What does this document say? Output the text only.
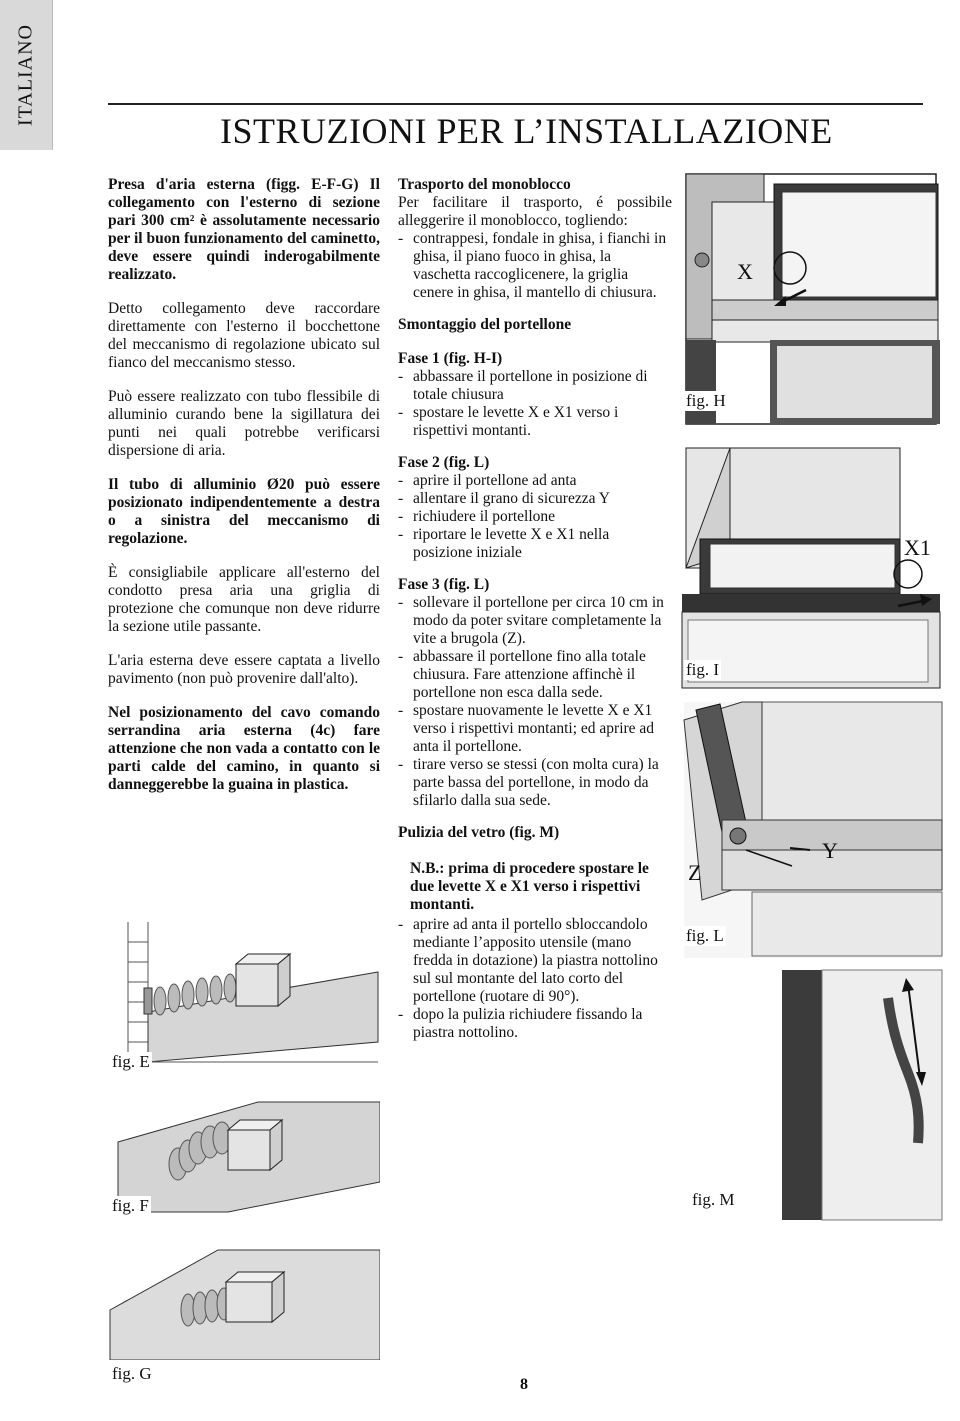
ITALIANO
ISTRUZIONI PER L’INSTALLAZIONE

Presa d'aria esterna (figg. E-F-G) Il collegamento con l'esterno di sezione pari 300 cm² è assolutamente necessario per il buon funzionamento del caminetto, deve essere quindi inderogabilmente realizzato.

Detto collegamento deve raccordare direttamente con l'esterno il bocchettone del meccanismo di regolazione ubicato sul fianco del meccanismo stesso.

Può essere realizzato con tubo flessibile di alluminio curando bene la sigillatura dei punti nei quali potrebbe verificarsi dispersione di aria.

Il tubo di alluminio Ø20 può essere posizionato indipendentemente a destra o a sinistra del meccanismo di regolazione.

È consigliabile applicare all'esterno del condotto presa aria una griglia di protezione che comunque non deve ridurre la sezione utile passante.

L'aria esterna deve essere captata a livello pavimento (non può provenire dall'alto).

Nel posizionamento del cavo comando serrandina aria esterna (4c) fare attenzione che non vada a contatto con le parti calde del camino, in quanto si danneggerebbe la guaina in plastica.

Trasporto del monoblocco

Per facilitare il trasporto, é possibile alleggerire il monoblocco, togliendo:

- contrappesi, fondale in ghisa, i fianchi in ghisa, il piano fuoco in ghisa, la vaschetta raccoglicenere, la griglia cenere in ghisa, il mantello di chiusura.

Smontaggio del portellone

Fase 1 (fig. H-I)

- abbassare il portellone in posizione di totale chiusura
- spostare le levette X e X1 verso i rispettivi montanti.

Fase 2 (fig. L)

- aprire il portellone ad anta
- allentare il grano di sicurezza Y
- richiudere il portellone
- riportare le levette X e X1 nella posizione iniziale

Fase 3 (fig. L)

- sollevare il portellone per circa 10 cm in modo da poter svitare completamente la vite a brugola (Z).
- abbassare il portellone fino alla totale chiusura. Fare attenzione affinchè il portellone non esca dalla sede.
- spostare nuovamente le levette X e X1 verso i rispettivi montanti; ed aprire ad anta il portellone.
- tirare verso se stessi (con molta cura) la parte bassa del portellone, in modo da sfilarlo dalla sua sede.

Pulizia del vetro (fig. M)

N.B.: prima di procedere spostare le due levette X e X1 verso i rispettivi montanti.

- aprire ad anta il portello sbloccandolo mediante l’apposito utensile (mano fredda in dotazione) la piastra nottolino sul sul montante del lato corto del portellone (ruotare di 90°).
- dopo la pulizia richiudere fissando la piastra nottolino.
X
fig. H
X1
fig. I
Z
Y
fig. L
fig. M
fig. E
fig. F
fig. G
8
